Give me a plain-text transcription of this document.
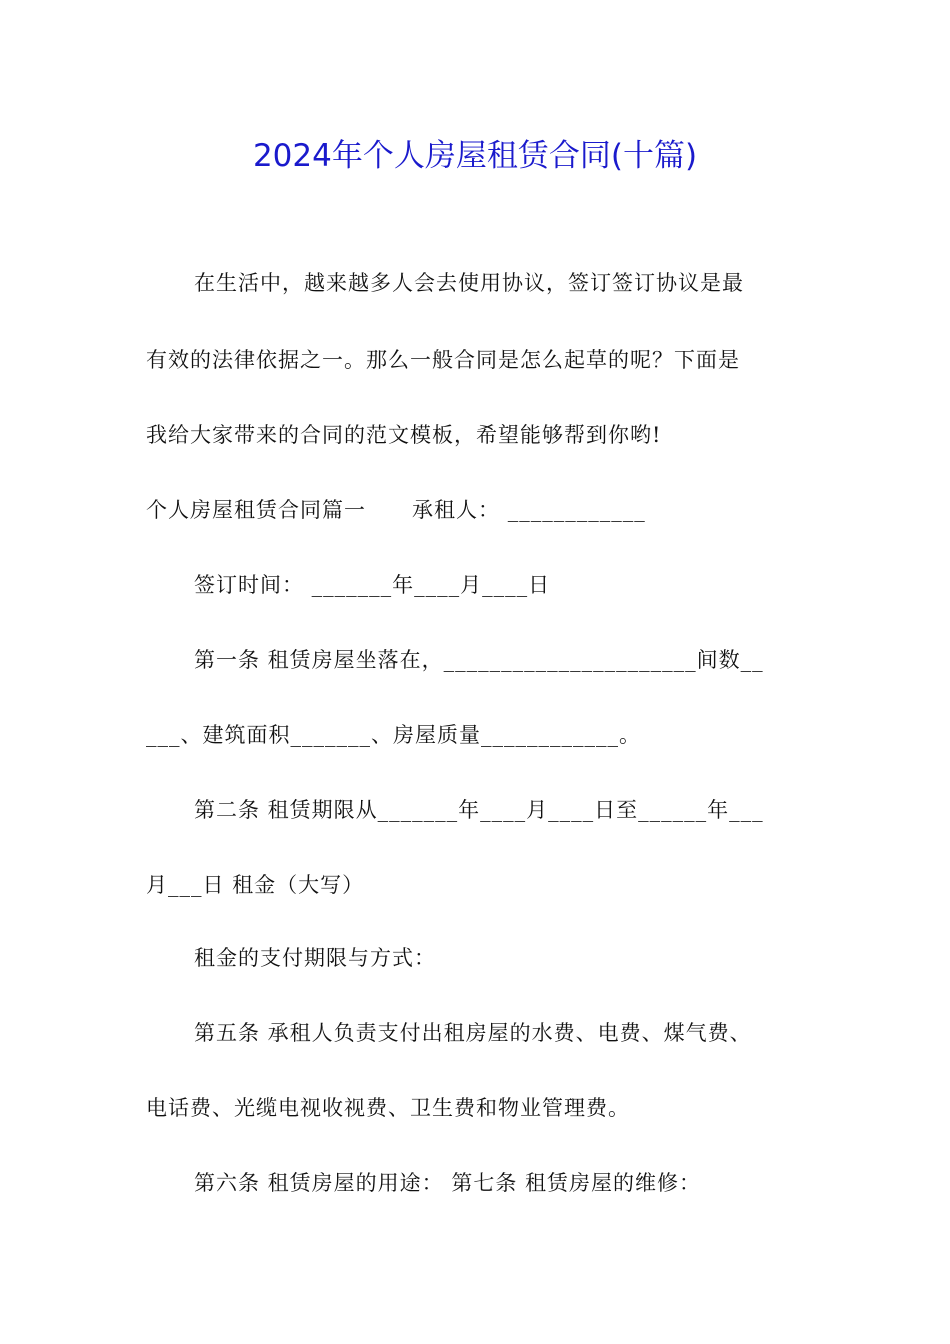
2024年个人房屋租赁合同(十篇)
在生活中，越来越多人会去使用协议，签订签订协议是最
有效的法律依据之一。那么一般合同是怎么起草的呢？下面是
我给大家带来的合同的范文模板，希望能够帮到你哟!
个人房屋租赁合同篇一      承租人： ____________
签订时间： _______年____月____日
第一条 租赁房屋坐落在，______________________间数__
___、建筑面积_______、房屋质量____________。
第二条 租赁期限从_______年____月____日至______年___
月___日 租金（大写）
租金的支付期限与方式：
第五条 承租人负责支付出租房屋的水费、电费、煤气费、
电话费、光缆电视收视费、卫生费和物业管理费。
第六条 租赁房屋的用途： 第七条 租赁房屋的维修：
